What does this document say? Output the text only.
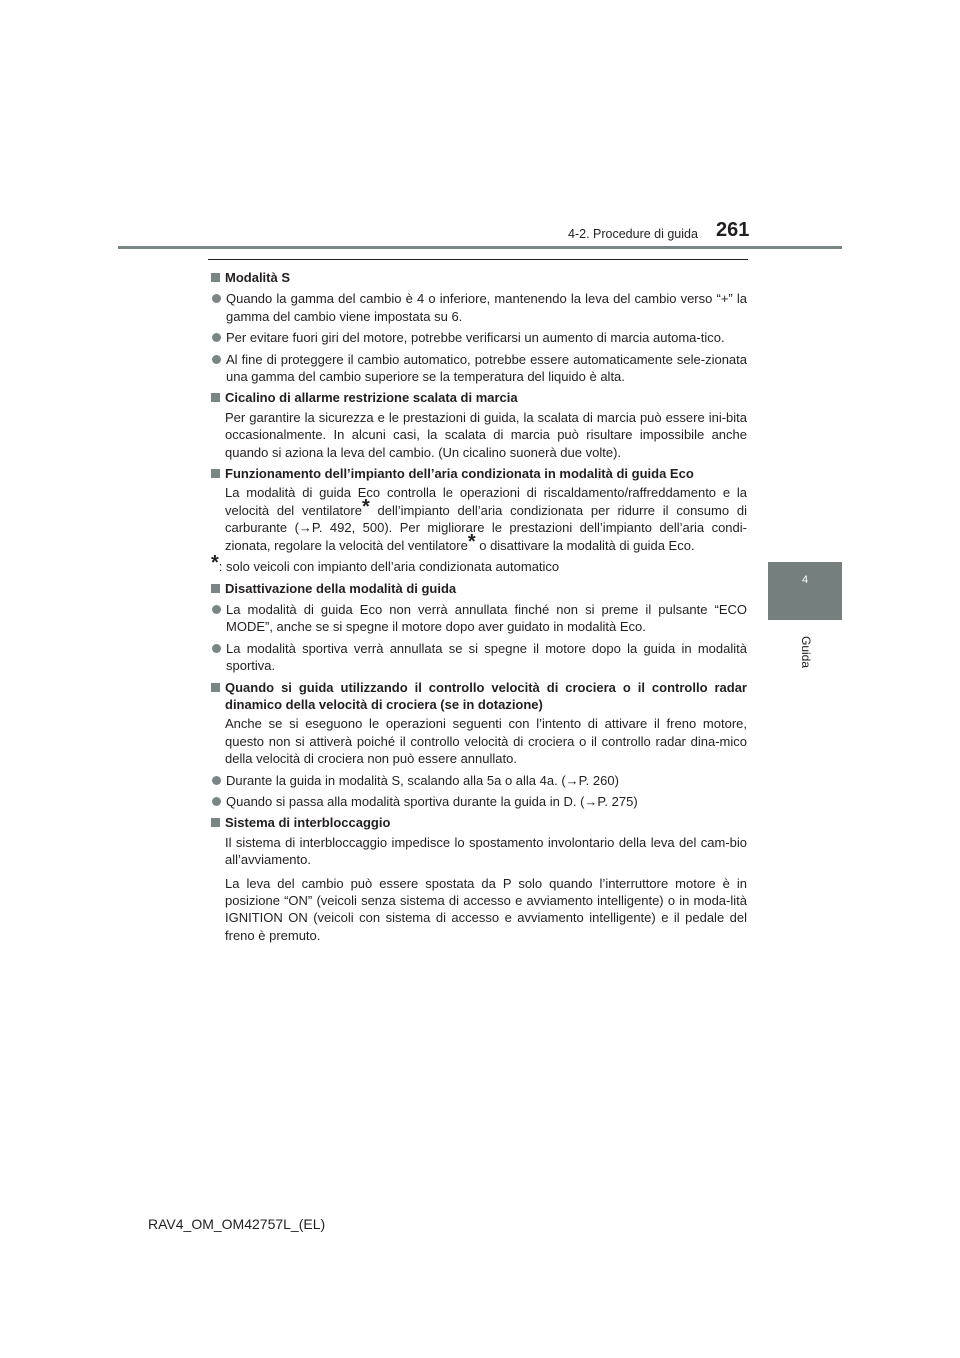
4-2. Procedure di guida 261
4
Guida

Modalità S

Quando la gamma del cambio è 4 o inferiore, mantenendo la leva del cambio verso “+” la gamma del cambio viene impostata su 6.

Per evitare fuori giri del motore, potrebbe verificarsi un aumento di marcia automa-tico.

Al fine di proteggere il cambio automatico, potrebbe essere automaticamente sele-zionata una gamma del cambio superiore se la temperatura del liquido è alta.

Cicalino di allarme restrizione scalata di marcia

Per garantire la sicurezza e le prestazioni di guida, la scalata di marcia può essere ini-bita occasionalmente. In alcuni casi, la scalata di marcia può risultare impossibile anche quando si aziona la leva del cambio. (Un cicalino suonerà due volte).

Funzionamento dell’impianto dell’aria condizionata in modalità di guida Eco

La modalità di guida Eco controlla le operazioni di riscaldamento/raffreddamento e la velocità del ventilatore* dell’impianto dell’aria condizionata per ridurre il consumo di carburante (→P. 492, 500). Per migliorare le prestazioni dell’impianto dell’aria condi-zionata, regolare la velocità del ventilatore* o disattivare la modalità di guida Eco.

*: solo veicoli con impianto dell’aria condizionata automatico

Disattivazione della modalità di guida

La modalità di guida Eco non verrà annullata finché non si preme il pulsante “ECO MODE”, anche se si spegne il motore dopo aver guidato in modalità Eco.

La modalità sportiva verrà annullata se si spegne il motore dopo la guida in modalità sportiva.

Quando si guida utilizzando il controllo velocità di crociera o il controllo radar dinamico della velocità di crociera (se in dotazione)

Anche se si eseguono le operazioni seguenti con l’intento di attivare il freno motore, questo non si attiverà poiché il controllo velocità di crociera o il controllo radar dina-mico della velocità di crociera non può essere annullato.

Durante la guida in modalità S, scalando alla 5a o alla 4a. (→P. 260)

Quando si passa alla modalità sportiva durante la guida in D. (→P. 275)

Sistema di interbloccaggio

Il sistema di interbloccaggio impedisce lo spostamento involontario della leva del cam-bio all’avviamento.

La leva del cambio può essere spostata da P solo quando l’interruttore motore è in posizione “ON” (veicoli senza sistema di accesso e avviamento intelligente) o in moda-lità IGNITION ON (veicoli con sistema di accesso e avviamento intelligente) e il pedale del freno è premuto.

RAV4_OM_OM42757L_(EL)
